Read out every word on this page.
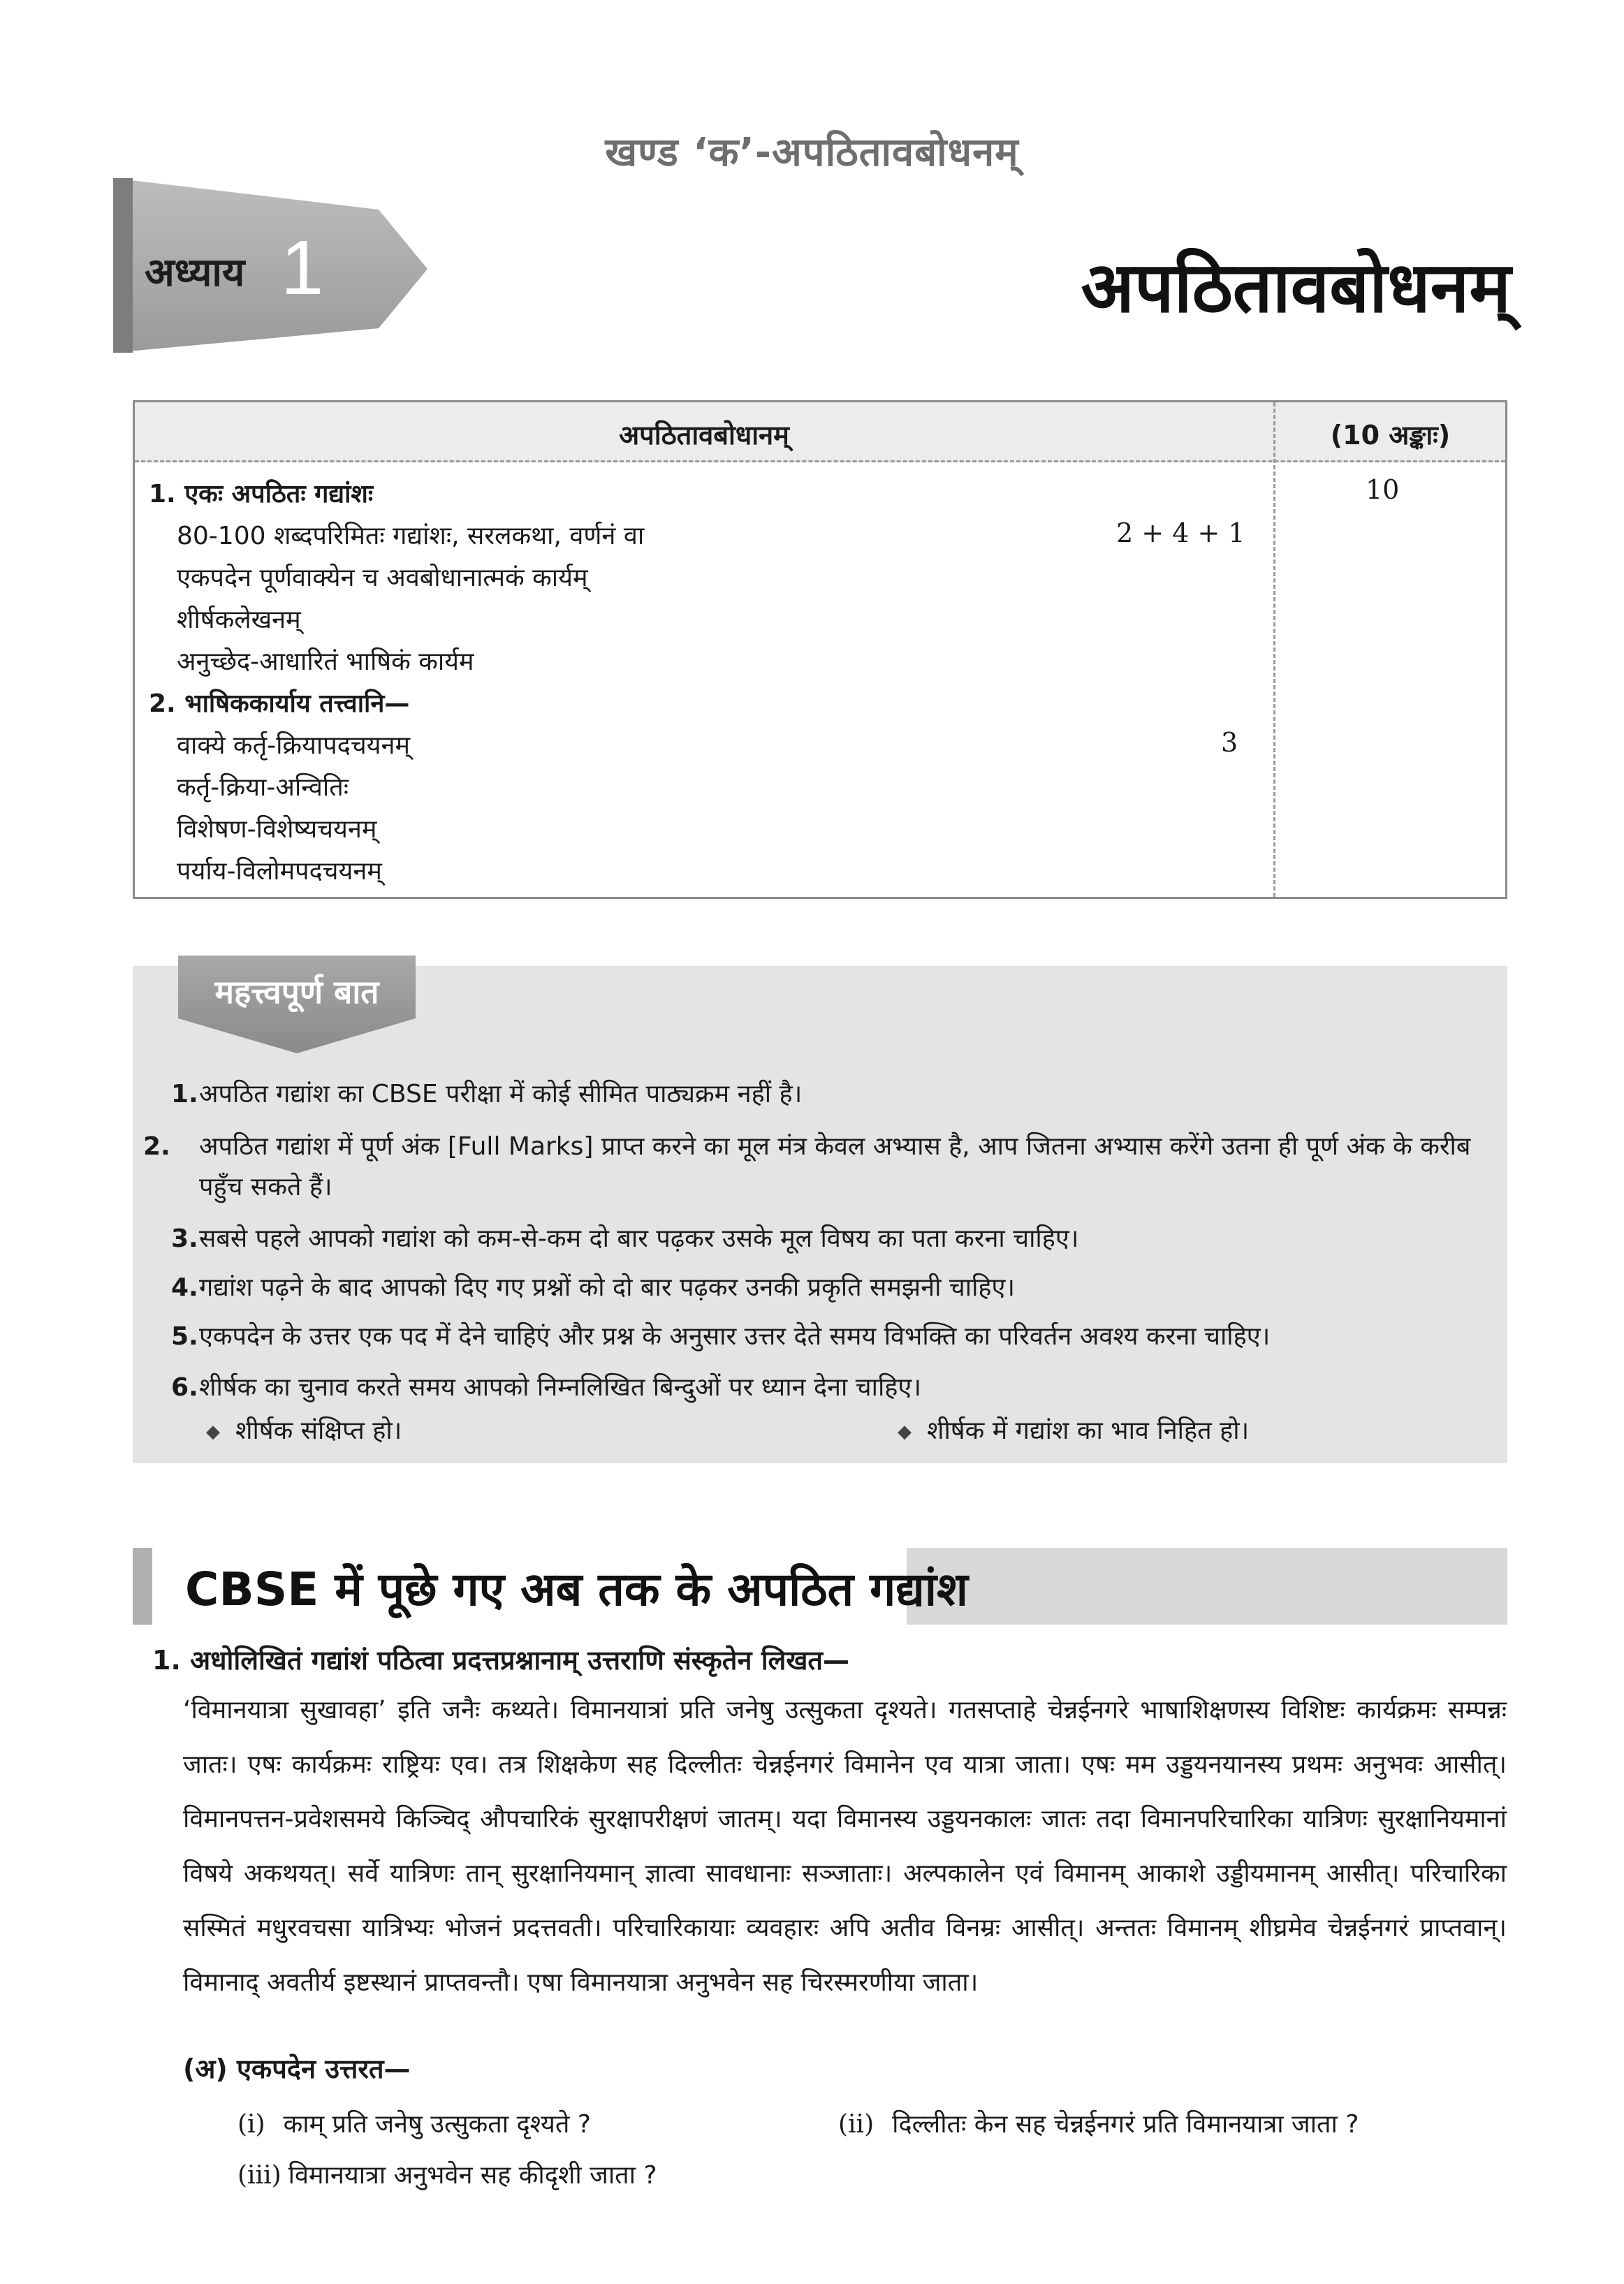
खण्ड ‘क’-अपठितावबोधनम्
अध्याय 1	अपठितावबोधनम्
अपठितावबोधानम्	(10 अङ्काः)
10
1. एकः अपठितः गद्यांशः
80-100 शब्दपरिमितः गद्यांशः, सरलकथा, वर्णनं वा	2 + 4 + 1
एकपदेन पूर्णवाक्येन च अवबोधानात्मकं कार्यम्
शीर्षकलेखनम्
अनुच्छेद-आधारितं भाषिकं कार्यम
2. भाषिककार्याय तत्त्वानि—
वाक्ये कर्तृ-क्रियापदचयनम्	3
कर्तृ-क्रिया-अन्वितिः
विशेषण-विशेष्यचयनम्
पर्याय-विलोमपदचयनम्
महत्त्वपूर्ण बात
1.अपठित गद्यांश का CBSE परीक्षा में कोई सीमित पाठ्यक्रम नहीं है।
2. अपठित गद्यांश में पूर्ण अंक [Full Marks] प्राप्त करने का मूल मंत्र केवल अभ्यास है, आप जितना अभ्यास करेंगे उतना ही पूर्ण अंक के करीब पहुँच सकते हैं।
3.सबसे पहले आपको गद्यांश को कम-से-कम दो बार पढ़कर उसके मूल विषय का पता करना चाहिए।
4.गद्यांश पढ़ने के बाद आपको दिए गए प्रश्नों को दो बार पढ़कर उनकी प्रकृति समझनी चाहिए।
5.एकपदेन के उत्तर एक पद में देने चाहिएं और प्रश्न के अनुसार उत्तर देते समय विभक्ति का परिवर्तन अवश्य करना चाहिए।
6.शीर्षक का चुनाव करते समय आपको निम्नलिखित बिन्दुओं पर ध्यान देना चाहिए।
◆ शीर्षक संक्षिप्त हो।	◆ शीर्षक में गद्यांश का भाव निहित हो।
CBSE में पूछे गए अब तक के अपठित गद्यांश
1. अधोलिखितं गद्यांशं पठित्वा प्रदत्तप्रश्नानाम् उत्तराणि संस्कृतेन लिखत—
‘विमानयात्रा सुखावहा’ इति जनैः कथ्यते। विमानयात्रां प्रति जनेषु उत्सुकता दृश्यते। गतसप्ताहे चेन्नईनगरे भाषाशिक्षणस्य विशिष्टः कार्यक्रमः सम्पन्नः जातः। एषः कार्यक्रमः राष्ट्रियः एव। तत्र शिक्षकेण सह दिल्लीतः चेन्नईनगरं विमानेन एव यात्रा जाता। एषः मम उड्डयनयानस्य प्रथमः अनुभवः आसीत्। विमानपत्तन-प्रवेशसमये किञ्चिद् औपचारिकं सुरक्षापरीक्षणं जातम्। यदा विमानस्य उड्डयनकालः जातः तदा विमानपरिचारिका यात्रिणः सुरक्षानियमानां विषये अकथयत्। सर्वे यात्रिणः तान् सुरक्षानियमान् ज्ञात्वा सावधानाः सञ्जाताः। अल्पकालेन एवं विमानम् आकाशे उड्डीयमानम् आसीत्। परिचारिका सस्मितं मधुरवचसा यात्रिभ्यः भोजनं प्रदत्तवती। परिचारिकायाः व्यवहारः अपि अतीव विनम्रः आसीत्। अन्ततः विमानम् शीघ्रमेव चेन्नईनगरं प्राप्तवान्। विमानाद् अवतीर्य इष्टस्थानं प्राप्तवन्तौ। एषा विमानयात्रा अनुभवेन सह चिरस्मरणीया जाता।
(अ) एकपदेन उत्तरत—
(i) काम् प्रति जनेषु उत्सुकता दृश्यते ?	(ii) दिल्लीतः केन सह चेन्नईनगरं प्रति विमानयात्रा जाता ?
(iii) विमानयात्रा अनुभवेन सह कीदृशी जाता ?
